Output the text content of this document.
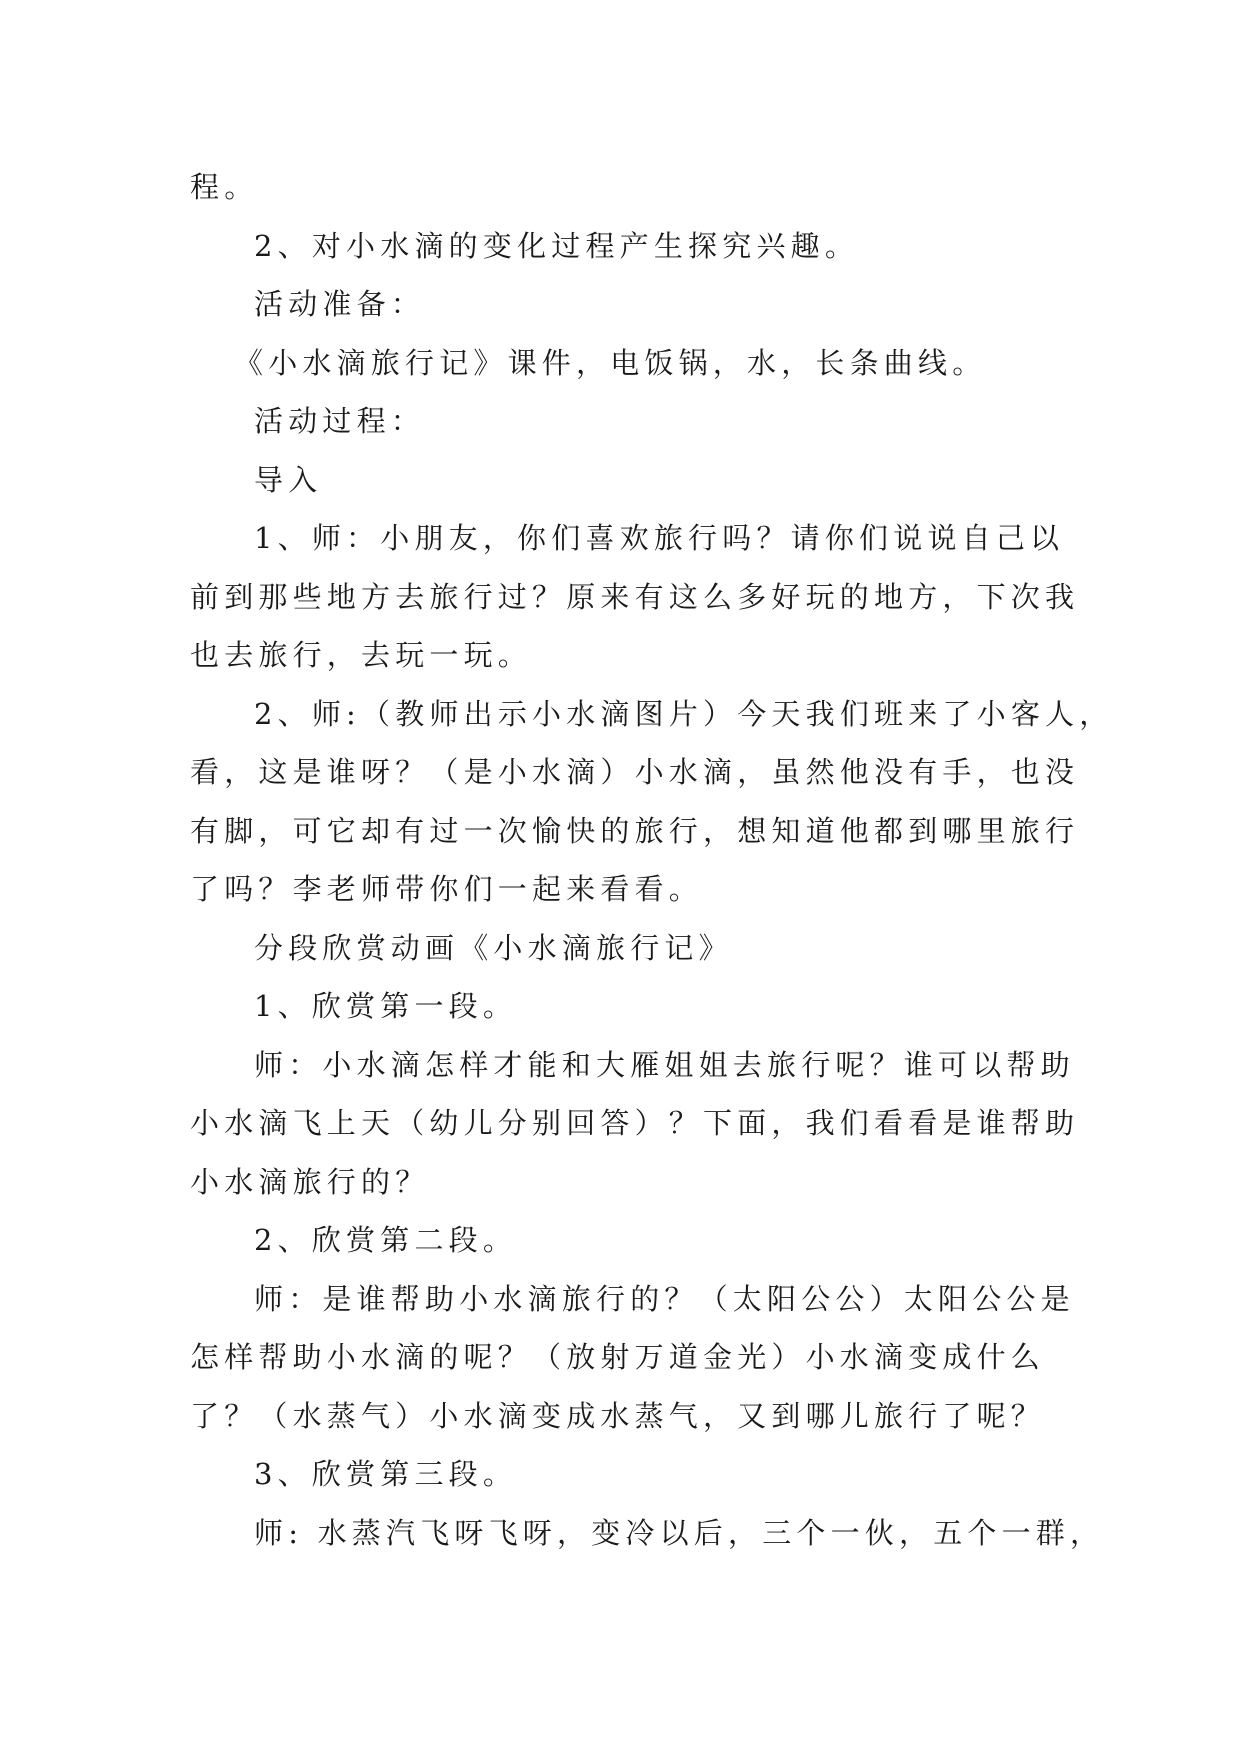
程。
2、对小水滴的变化过程产生探究兴趣。
活动准备：
《小水滴旅行记》课件，电饭锅，水，长条曲线。
活动过程：
导入
1、师：小朋友，你们喜欢旅行吗？请你们说说自己以
前到那些地方去旅行过？原来有这么多好玩的地方，下次我
也去旅行，去玩一玩。
2、师:（教师出示小水滴图片）今天我们班来了小客人，
看，这是谁呀？（是小水滴）小水滴，虽然他没有手，也没
有脚，可它却有过一次愉快的旅行，想知道他都到哪里旅行
了吗？李老师带你们一起来看看。
分段欣赏动画《小水滴旅行记》
1、欣赏第一段。
师：小水滴怎样才能和大雁姐姐去旅行呢？谁可以帮助
小水滴飞上天（幼儿分别回答）？下面，我们看看是谁帮助
小水滴旅行的？
2、欣赏第二段。
师：是谁帮助小水滴旅行的？（太阳公公）太阳公公是
怎样帮助小水滴的呢？（放射万道金光）小水滴变成什么
了？（水蒸气）小水滴变成水蒸气，又到哪儿旅行了呢？
3、欣赏第三段。
师: 水蒸汽飞呀飞呀，变冷以后，三个一伙，五个一群，
